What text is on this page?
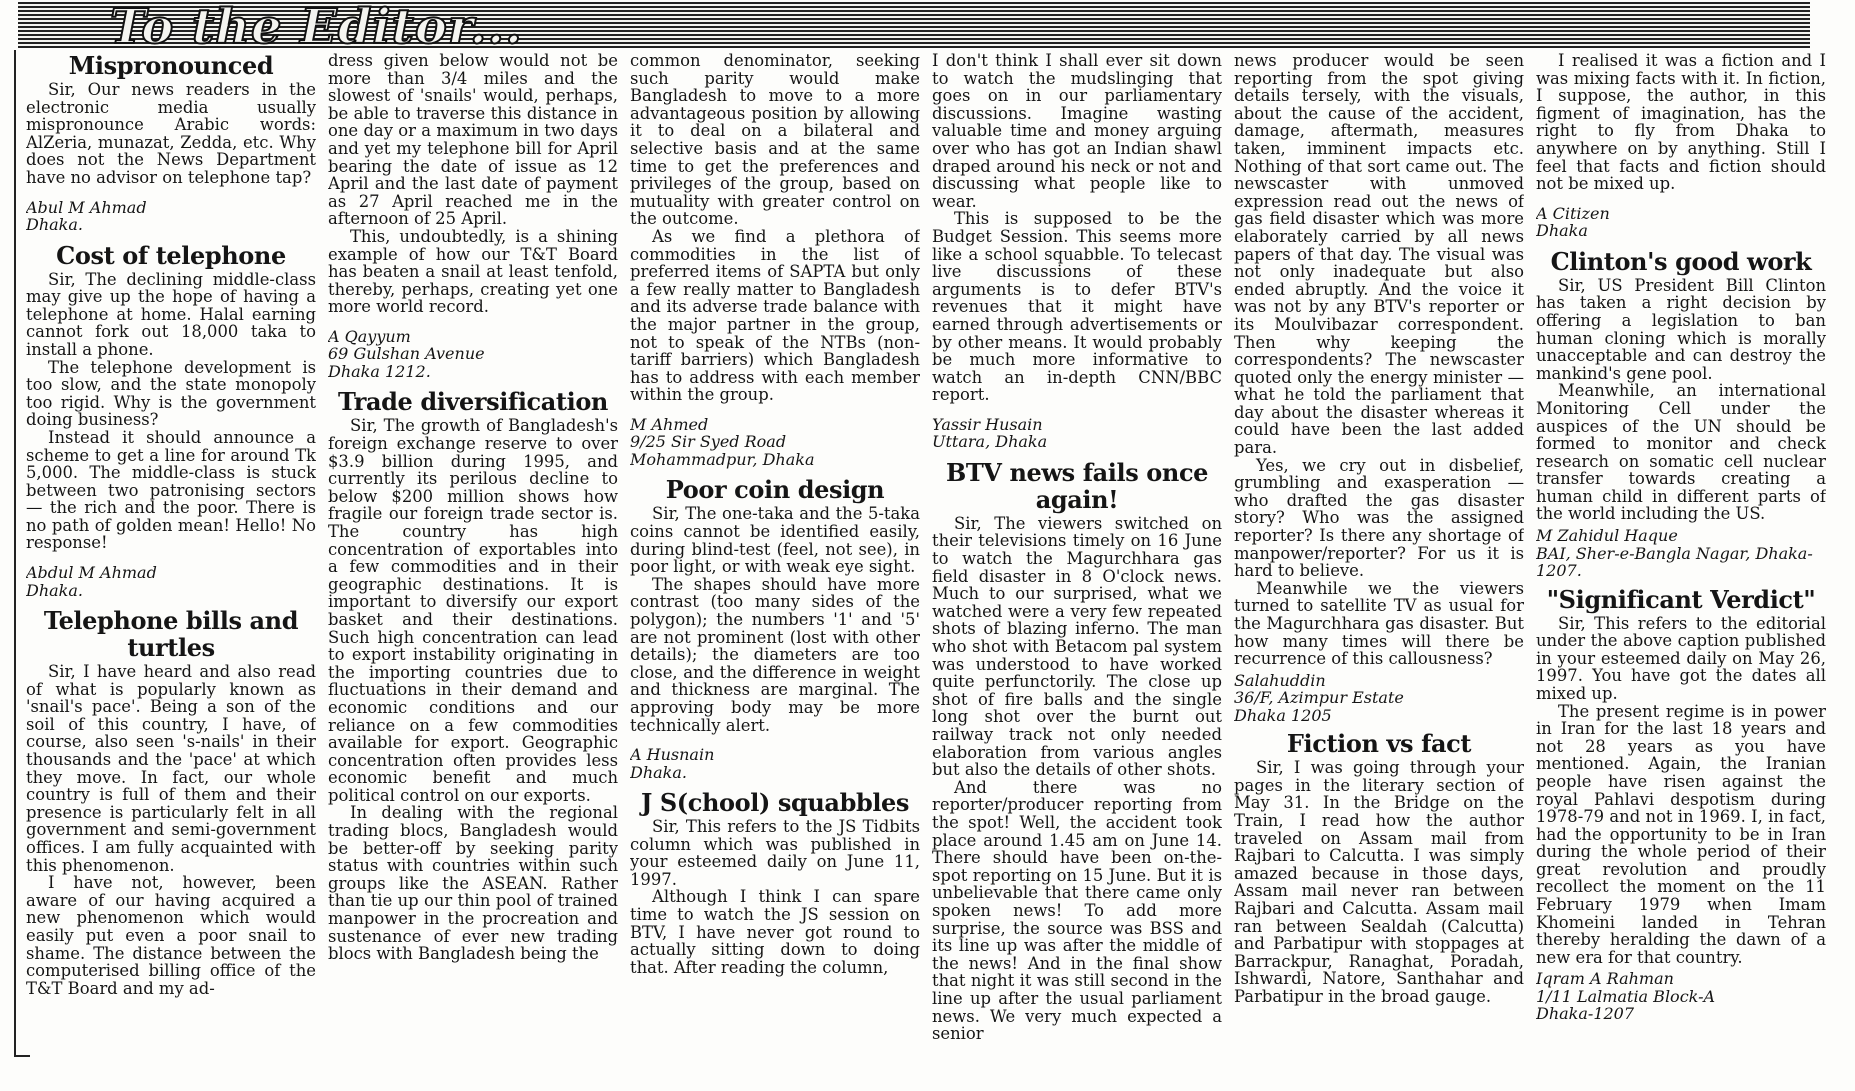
To the Editor...
Mispronounced

Sir, Our news readers in the electronic media usually mispronounce Arabic words: AlZeria, munazat, Zedda, etc. Why does not the News Department have no advisor on telephone tap?

Abul M Ahmad
Dhaka.
Cost of telephone

Sir, The declining middle-class may give up the hope of having a telephone at home. Halal earning cannot fork out 18,000 taka to install a phone.

The telephone development is too slow, and the state monopoly too rigid. Why is the government doing business?

Instead it should announce a scheme to get a line for around Tk 5,000. The middle-class is stuck between two patronising sectors — the rich and the poor. There is no path of golden mean! Hello! No response!

Abdul M Ahmad
Dhaka.
Telephone bills and turtles

Sir, I have heard and also read of what is popularly known as 'snail's pace'. Being a son of the soil of this country, I have, of course, also seen 's-nails' in their thousands and the 'pace' at which they move. In fact, our whole country is full of them and their presence is particularly felt in all government and semi-government offices. I am fully acquainted with this phenomenon.

I have not, however, been aware of our having acquired a new phenomenon which would easily put even a poor snail to shame. The distance between the computerised billing office of the T&T Board and my ad-

dress given below would not be more than 3/4 miles and the slowest of 'snails' would, perhaps, be able to traverse this distance in one day or a maximum in two days and yet my telephone bill for April bearing the date of issue as 12 April and the last date of payment as 27 April reached me in the afternoon of 25 April.

This, undoubtedly, is a shining example of how our T&T Board has beaten a snail at least tenfold, thereby, perhaps, creating yet one more world record.

A Qayyum
69 Gulshan Avenue
Dhaka 1212.
Trade diversification

Sir, The growth of Bangladesh's foreign exchange reserve to over $3.9 billion during 1995, and currently its perilous decline to below $200 million shows how fragile our foreign trade sector is. The country has high concentration of exportables into a few commodities and in their geographic destinations. It is important to diversify our export basket and their destinations. Such high concentration can lead to export instability originating in the importing countries due to fluctuations in their demand and economic conditions and our reliance on a few commodities available for export. Geographic concentration often provides less economic benefit and much political control on our exports.

In dealing with the regional trading blocs, Bangladesh would be better-off by seeking parity status with countries within such groups like the ASEAN. Rather than tie up our thin pool of trained manpower in the procreation and sustenance of ever new trading blocs with Bangladesh being the

common denominator, seeking such parity would make Bangladesh to move to a more advantageous position by allowing it to deal on a bilateral and selective basis and at the same time to get the preferences and privileges of the group, based on mutuality with greater control on the outcome.

As we find a plethora of commodities in the list of preferred items of SAPTA but only a few really matter to Bangladesh and its adverse trade balance with the major partner in the group, not to speak of the NTBs (non-tariff barriers) which Bangladesh has to address with each member within the group.

M Ahmed
9/25 Sir Syed Road
Mohammadpur, Dhaka
Poor coin design

Sir, The one-taka and the 5-taka coins cannot be identified easily, during blind-test (feel, not see), in poor light, or with weak eye sight.

The shapes should have more contrast (too many sides of the polygon); the numbers '1' and '5' are not prominent (lost with other details); the diameters are too close, and the difference in weight and thickness are marginal. The approving body may be more technically alert.

A Husnain
Dhaka.
J S(chool) squabbles

Sir, This refers to the JS Tidbits column which was published in your esteemed daily on June 11, 1997.

Although I think I can spare time to watch the JS session on BTV, I have never got round to actually sitting down to doing that. After reading the column,

I don't think I shall ever sit down to watch the mudslinging that goes on in our parliamentary discussions. Imagine wasting valuable time and money arguing over who has got an Indian shawl draped around his neck or not and discussing what people like to wear.

This is supposed to be the Budget Session. This seems more like a school squabble. To telecast live discussions of these arguments is to defer BTV's revenues that it might have earned through advertisements or by other means. It would probably be much more informative to watch an in-depth CNN/BBC report.

Yassir Husain
Uttara, Dhaka
BTV news fails once again!

Sir, The viewers switched on their televisions timely on 16 June to watch the Magurchhara gas field disaster in 8 O'clock news. Much to our surprised, what we watched were a very few repeated shots of blazing inferno. The man who shot with Betacom pal system was understood to have worked quite perfunctorily. The close up shot of fire balls and the single long shot over the burnt out railway track not only needed elaboration from various angles but also the details of other shots.

And there was no reporter/producer reporting from the spot! Well, the accident took place around 1.45 am on June 14. There should have been on-the-spot reporting on 15 June. But it is unbelievable that there came only spoken news! To add more surprise, the source was BSS and its line up was after the middle of the news! And in the final show that night it was still second in the line up after the usual parliament news. We very much expected a senior

news producer would be seen reporting from the spot giving details tersely, with the visuals, about the cause of the accident, damage, aftermath, measures taken, imminent impacts etc. Nothing of that sort came out. The newscaster with unmoved expression read out the news of gas field disaster which was more elaborately carried by all news papers of that day. The visual was not only inadequate but also ended abruptly. And the voice it was not by any BTV's reporter or its Moulvibazar correspondent. Then why keeping the correspondents? The newscaster quoted only the energy minister — what he told the parliament that day about the disaster whereas it could have been the last added para.

Yes, we cry out in disbelief, grumbling and exasperation — who drafted the gas disaster story? Who was the assigned reporter? Is there any shortage of manpower/reporter? For us it is hard to believe.

Meanwhile we the viewers turned to satellite TV as usual for the Magurchhara gas disaster. But how many times will there be recurrence of this callousness?

Salahuddin
36/F, Azimpur Estate
Dhaka 1205
Fiction vs fact

Sir, I was going through your pages in the literary section of May 31. In the Bridge on the Train, I read how the author traveled on Assam mail from Rajbari to Calcutta. I was simply amazed because in those days, Assam mail never ran between Rajbari and Calcutta. Assam mail ran between Sealdah (Calcutta) and Parbatipur with stoppages at Barrackpur, Ranaghat, Poradah, Ishwardi, Natore, Santhahar and Parbatipur in the broad gauge.

I realised it was a fiction and I was mixing facts with it. In fiction, I suppose, the author, in this figment of imagination, has the right to fly from Dhaka to anywhere on by anything. Still I feel that facts and fiction should not be mixed up.

A Citizen
Dhaka
Clinton's good work

Sir, US President Bill Clinton has taken a right decision by offering a legislation to ban human cloning which is morally unacceptable and can destroy the mankind's gene pool.

Meanwhile, an international Monitoring Cell under the auspices of the UN should be formed to monitor and check research on somatic cell nuclear transfer towards creating a human child in different parts of the world including the US.

M Zahidul Haque
BAI, Sher-e-Bangla Nagar, Dhaka-1207.
"Significant Verdict"

Sir, This refers to the editorial under the above caption published in your esteemed daily on May 26, 1997. You have got the dates all mixed up.

The present regime is in power in Iran for the last 18 years and not 28 years as you have mentioned. Again, the Iranian people have risen against the royal Pahlavi despotism during 1978-79 and not in 1969. I, in fact, had the opportunity to be in Iran during the whole period of their great revolution and proudly recollect the moment on the 11 February 1979 when Imam Khomeini landed in Tehran thereby heralding the dawn of a new era for that country.

Iqram A Rahman
1/11 Lalmatia Block-A
Dhaka-1207
